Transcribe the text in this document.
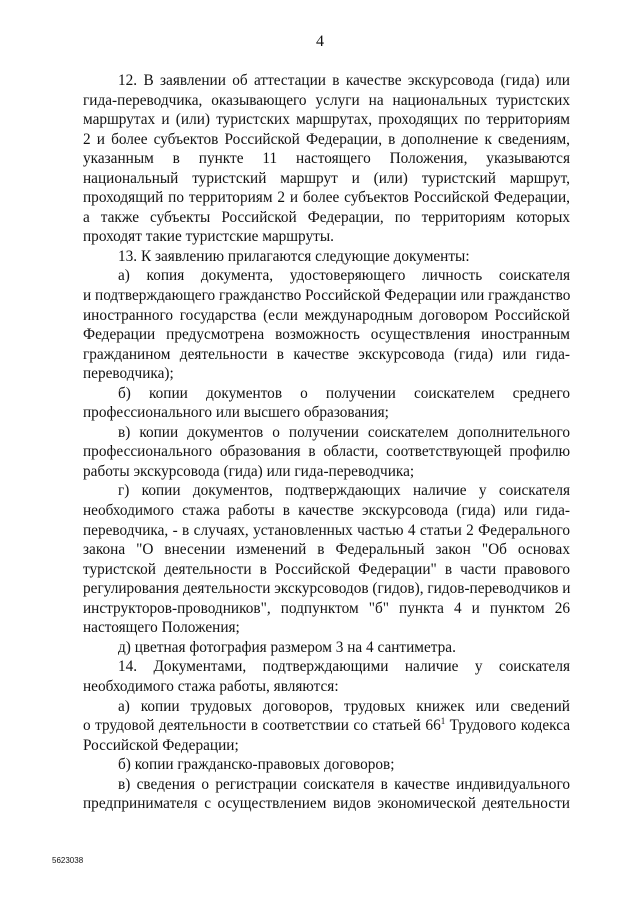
4
12. В заявлении об аттестации в качестве экскурсовода (гида) или
гида-переводчика, оказывающего услуги на национальных туристских
маршрутах и (или) туристских маршрутах, проходящих по территориям
2 и более субъектов Российской Федерации, в дополнение к сведениям,
указанным в пункте 11 настоящего Положения, указываются
национальный туристский маршрут и (или) туристский маршрут,
проходящий по территориям 2 и более субъектов Российской Федерации,
а также субъекты Российской Федерации, по территориям которых
проходят такие туристские маршруты.
13. К заявлению прилагаются следующие документы:
а) копия документа, удостоверяющего личность соискателя
и подтверждающего гражданство Российской Федерации или гражданство
иностранного государства (если международным договором Российской
Федерации предусмотрена возможность осуществления иностранным
гражданином деятельности в качестве экскурсовода (гида) или гида-
переводчика);
б) копии документов о получении соискателем среднего
профессионального или высшего образования;
в) копии документов о получении соискателем дополнительного
профессионального образования в области, соответствующей профилю
работы экскурсовода (гида) или гида-переводчика;
г) копии документов, подтверждающих наличие у соискателя
необходимого стажа работы в качестве экскурсовода (гида) или гида-
переводчика, - в случаях, установленных частью 4 статьи 2 Федерального
закона "О внесении изменений в Федеральный закон "Об основах
туристской деятельности в Российской Федерации" в части правового
регулирования деятельности экскурсоводов (гидов), гидов-переводчиков и
инструкторов-проводников", подпунктом "б" пункта 4 и пунктом 26
настоящего Положения;
д) цветная фотография размером 3 на 4 сантиметра.
14. Документами, подтверждающими наличие у соискателя
необходимого стажа работы, являются:
а) копии трудовых договоров, трудовых книжек или сведений
о трудовой деятельности в соответствии со статьей $66^1$ Трудового кодекса
Российской Федерации;
б) копии гражданско-правовых договоров;
в) сведения о регистрации соискателя в качестве индивидуального
предпринимателя с осуществлением видов экономической деятельности
5623038
